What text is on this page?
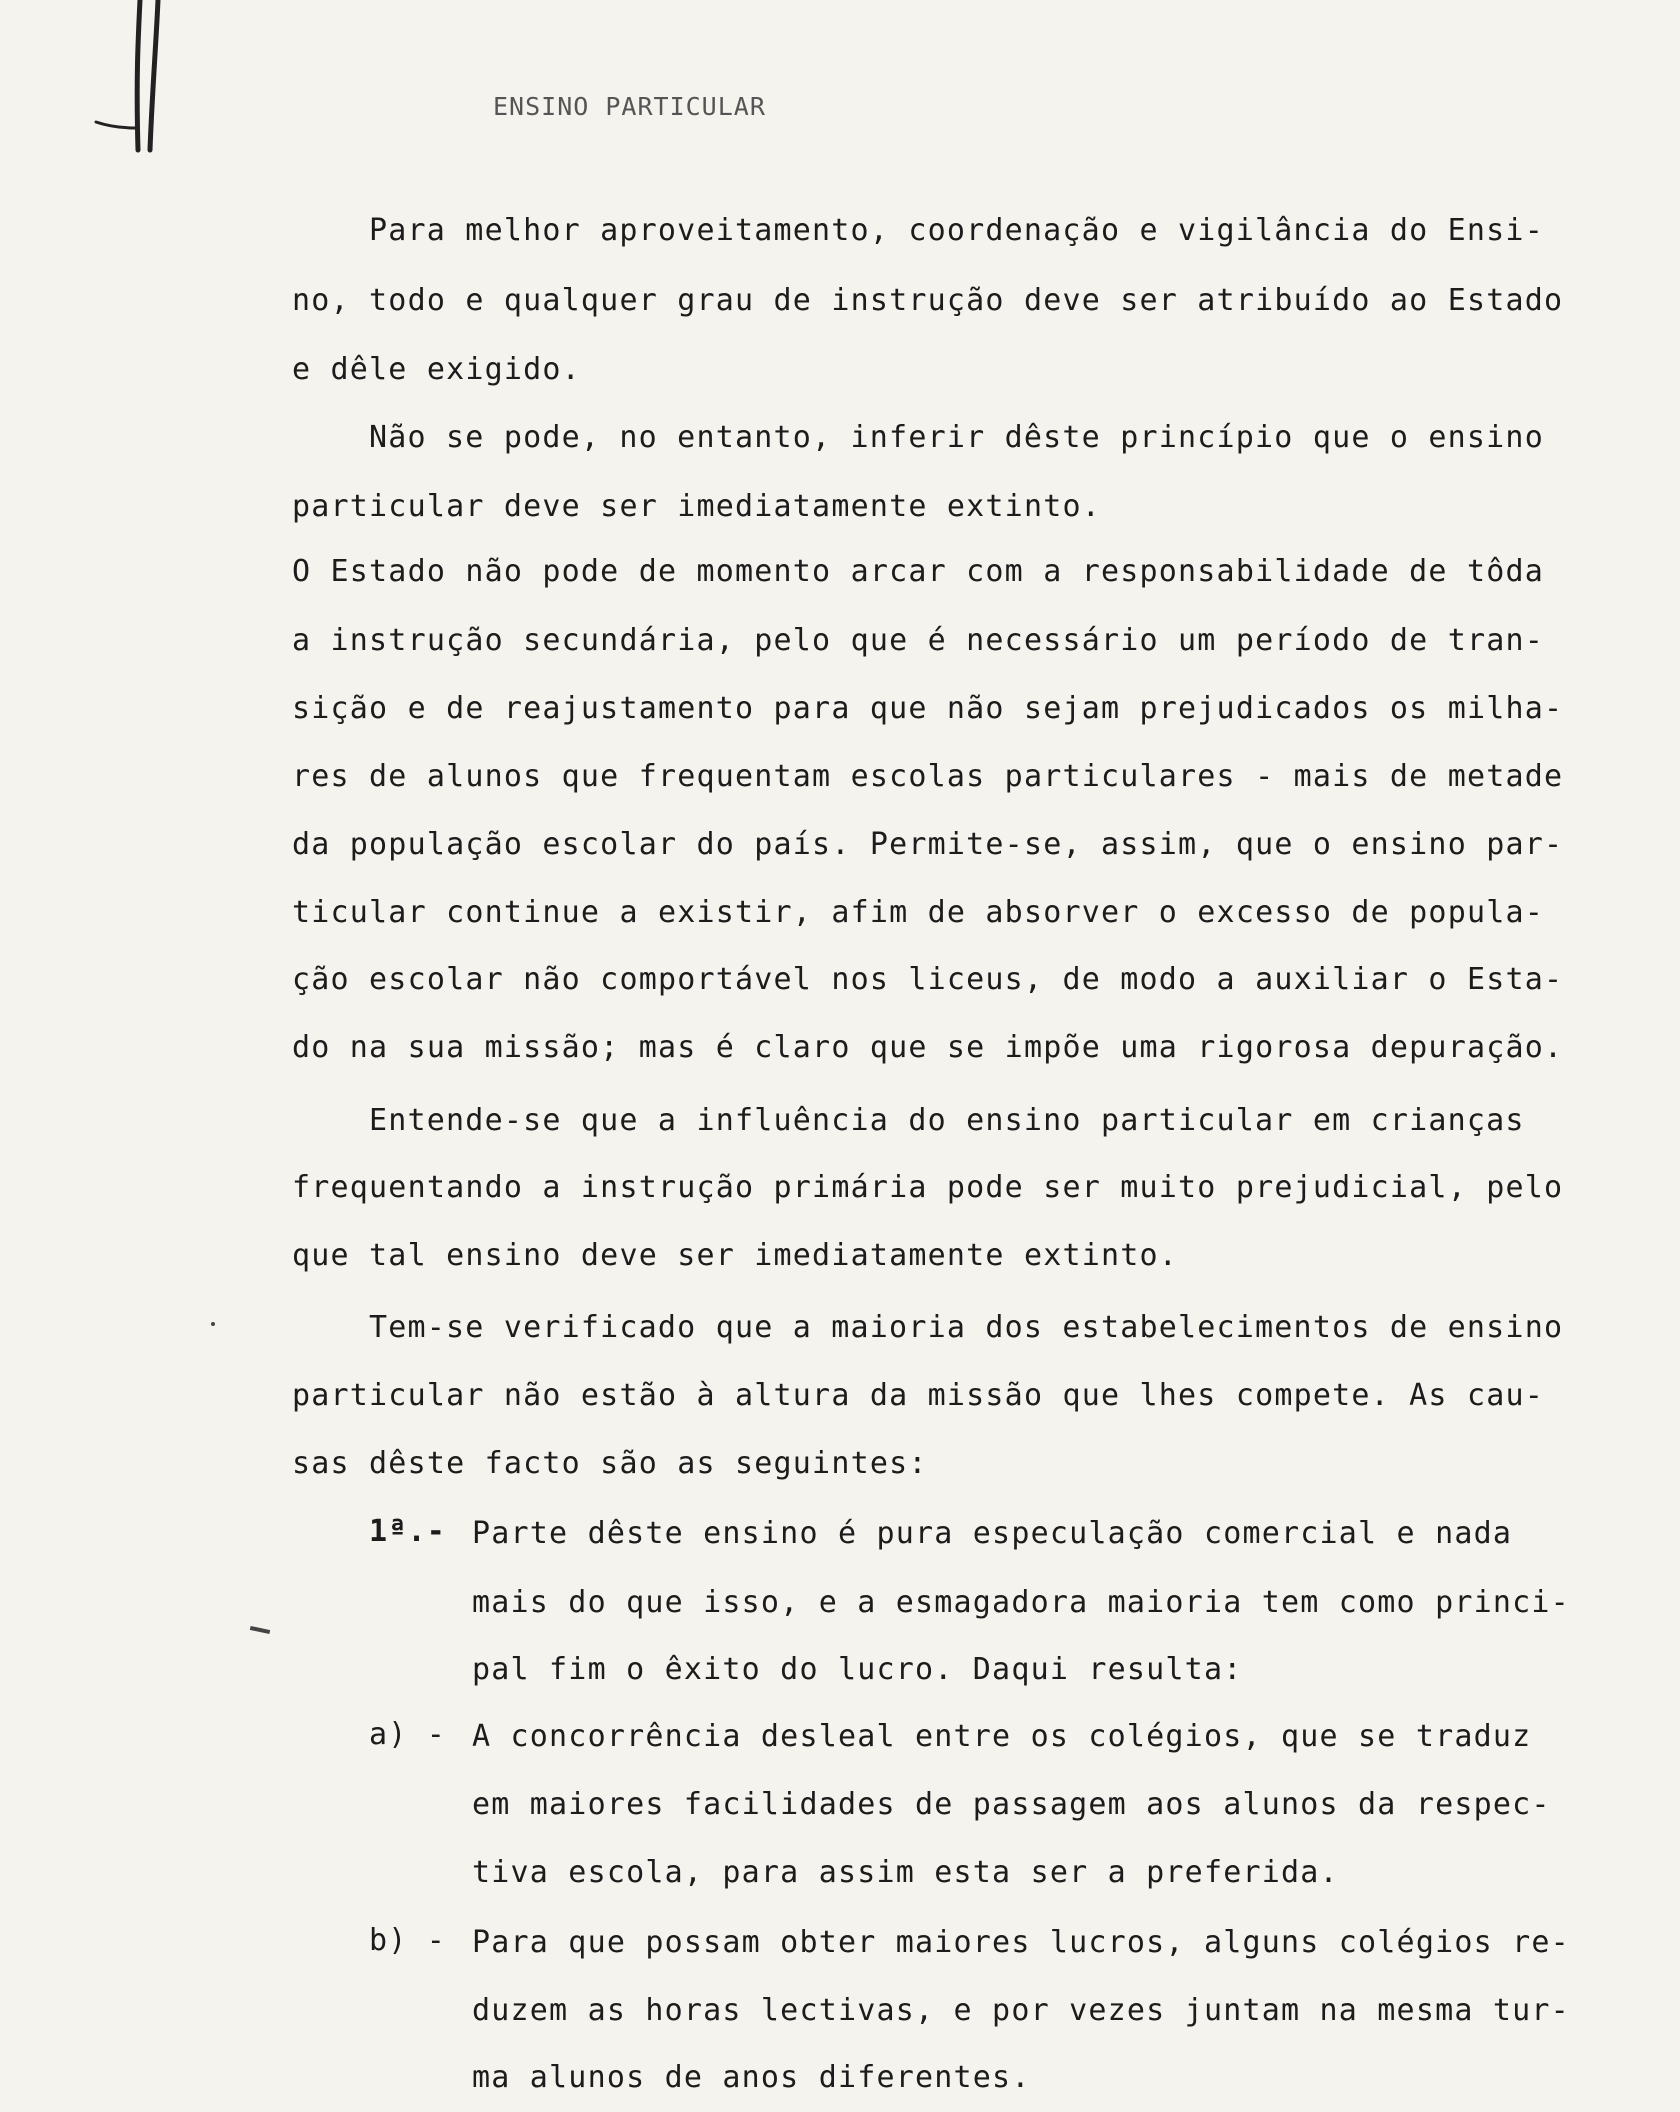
ENSINO PARTICULAR
Para melhor aproveitamento, coordenação e vigilância do Ensi-
no, todo e qualquer grau de instrução deve ser atribuído ao Estado
e dêle exigido.
Não se pode, no entanto, inferir dêste princípio que o ensino
particular deve ser imediatamente extinto.
O Estado não pode de momento arcar com a responsabilidade de tôda
a instrução secundária, pelo que é necessário um período de tran-
sição e de reajustamento para que não sejam prejudicados os milha-
res de alunos que frequentam escolas particulares - mais de metade
da população escolar do país. Permite-se, assim, que o ensino par-
ticular continue a existir, afim de absorver o excesso de popula-
ção escolar não comportável nos liceus, de modo a auxiliar o Esta-
do na sua missão; mas é claro que se impõe uma rigorosa depuração.
Entende-se que a influência do ensino particular em crianças
frequentando a instrução primária pode ser muito prejudicial, pelo
que tal ensino deve ser imediatamente extinto.
Tem-se verificado que a maioria dos estabelecimentos de ensino
particular não estão à altura da missão que lhes compete. As cau-
sas dêste facto são as seguintes:
1ª.- Parte dêste ensino é pura especulação comercial e nada
mais do que isso, e a esmagadora maioria tem como princi-
pal fim o êxito do lucro. Daqui resulta:
a) - A concorrência desleal entre os colégios, que se traduz
em maiores facilidades de passagem aos alunos da respec-
tiva escola, para assim esta ser a preferida.
b) - Para que possam obter maiores lucros, alguns colégios re-
duzem as horas lectivas, e por vezes juntam na mesma tur-
ma alunos de anos diferentes.
